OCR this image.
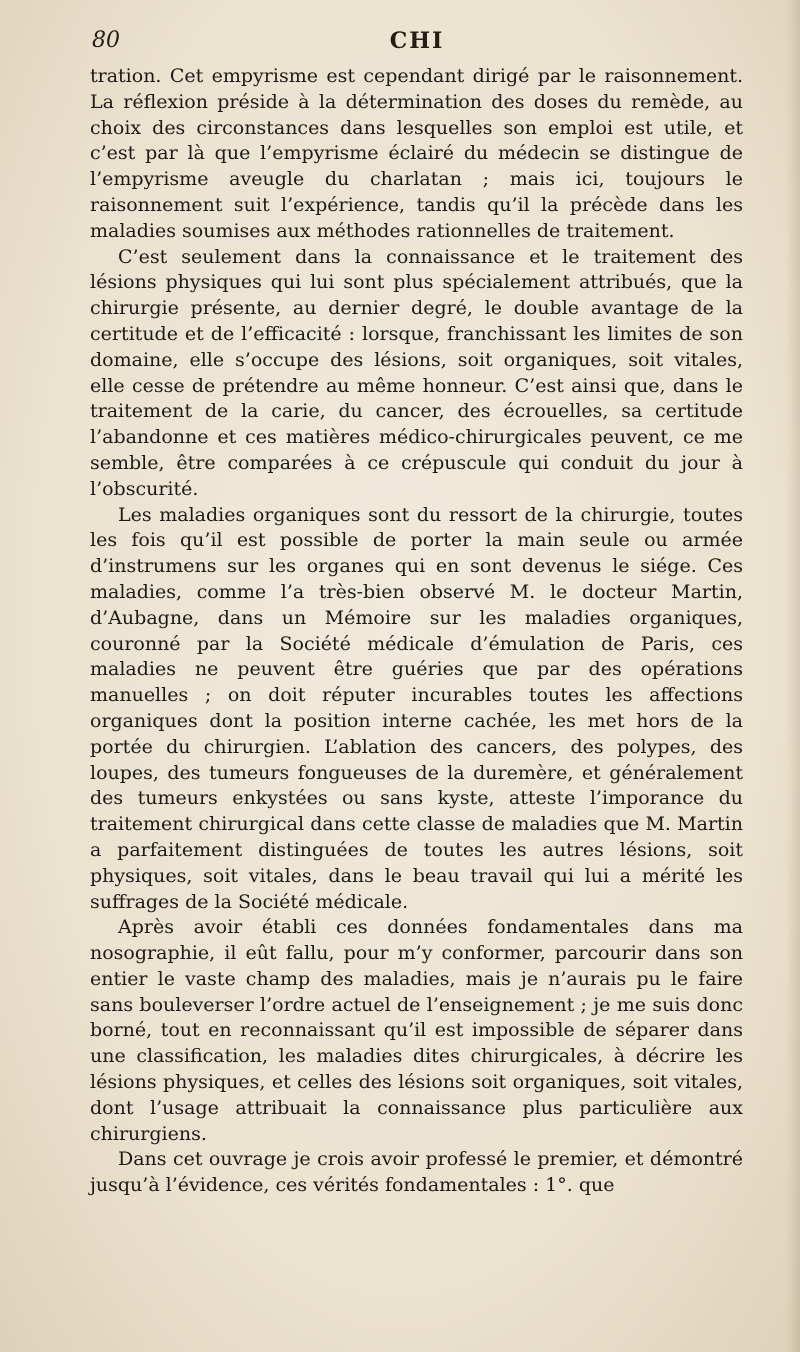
80	CHI

tration. Cet empyrisme est cependant dirigé par le raisonnement. La réflexion préside à la détermination des doses du remède, au choix des circonstances dans lesquelles son emploi est utile, et c’est par là que l’empyrisme éclairé du médecin se distingue de l’empyrisme aveugle du charlatan ; mais ici, toujours le raisonnement suit l’expérience, tandis qu’il la précède dans les maladies soumises aux méthodes rationnelles de traitement.

C’est seulement dans la connaissance et le traitement des lésions physiques qui lui sont plus spécialement attribués, que la chirurgie présente, au dernier degré, le double avantage de la certitude et de l’efficacité : lorsque, franchissant les limites de son domaine, elle s’occupe des lésions, soit organiques, soit vitales, elle cesse de prétendre au même honneur. C’est ainsi que, dans le traitement de la carie, du cancer, des écrouelles, sa certitude l’abandonne et ces matières médico-chirurgicales peuvent, ce me semble, être comparées à ce crépuscule qui conduit du jour à l’obscurité.

Les maladies organiques sont du ressort de la chirurgie, toutes les fois qu’il est possible de porter la main seule ou armée d’instrumens sur les organes qui en sont devenus le siége. Ces maladies, comme l’a très-bien observé M. le docteur Martin, d’Aubagne, dans un Mémoire sur les maladies organiques, couronné par la Société médicale d’émulation de Paris, ces maladies ne peuvent être guéries que par des opérations manuelles ; on doit réputer incurables toutes les affections organiques dont la position interne cachée, les met hors de la portée du chirurgien. L’ablation des cancers, des polypes, des loupes, des tumeurs fongueuses de la duremère, et généralement des tumeurs enkystées ou sans kyste, atteste l’imporance du traitement chirurgical dans cette classe de maladies que M. Martin a parfaitement distinguées de toutes les autres lésions, soit physiques, soit vitales, dans le beau travail qui lui a mérité les suffrages de la Société médicale.

Après avoir établi ces données fondamentales dans ma nosographie, il eût fallu, pour m’y conformer, parcourir dans son entier le vaste champ des maladies, mais je n’aurais pu le faire sans bouleverser l’ordre actuel de l’enseignement ; je me suis donc borné, tout en reconnaissant qu’il est impossible de séparer dans une classification, les maladies dites chirurgicales, à décrire les lésions physiques, et celles des lésions soit organiques, soit vitales, dont l’usage attribuait la connaissance plus particulière aux chirurgiens.

Dans cet ouvrage je crois avoir professé le premier, et démontré jusqu’à l’évidence, ces vérités fondamentales : 1°. que
